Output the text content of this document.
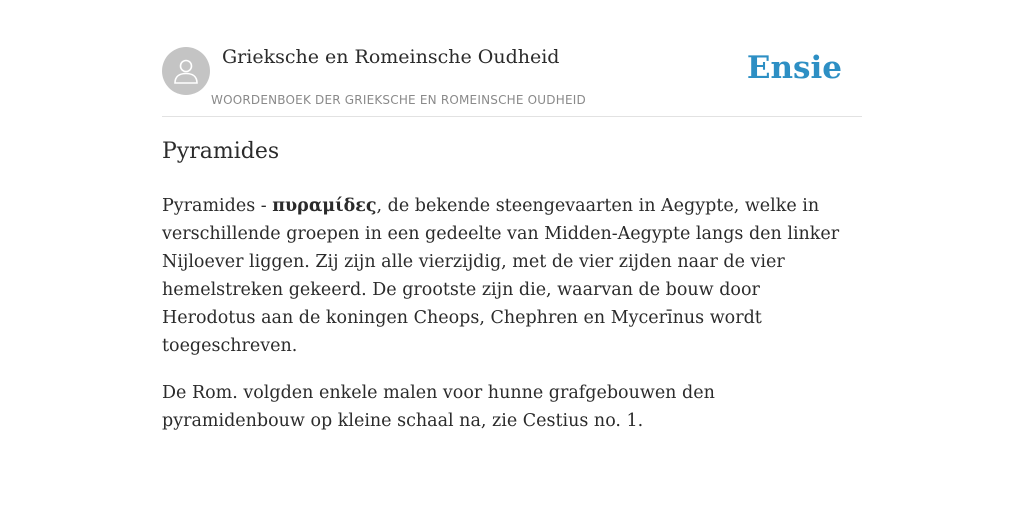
Grieksche en Romeinsche Oudheid
WOORDENBOEK DER GRIEKSCHE EN ROMEINSCHE OUDHEID
Ensie
Pyramides

Pyramides - πυραμίδες, de bekende steengevaarten in Aegypte, welke in verschillende groepen in een gedeelte van Midden-Aegypte langs den linker Nijloever liggen. Zij zijn alle vierzijdig, met de vier zijden naar de vier hemelstreken gekeerd. De grootste zijn die, waarvan de bouw door Herodotus aan de koningen Cheops, Chephren en Mycerīnus wordt toegeschreven.

De Rom. volgden enkele malen voor hunne grafgebouwen den pyramidenbouw op kleine schaal na, zie Cestius no. 1.
